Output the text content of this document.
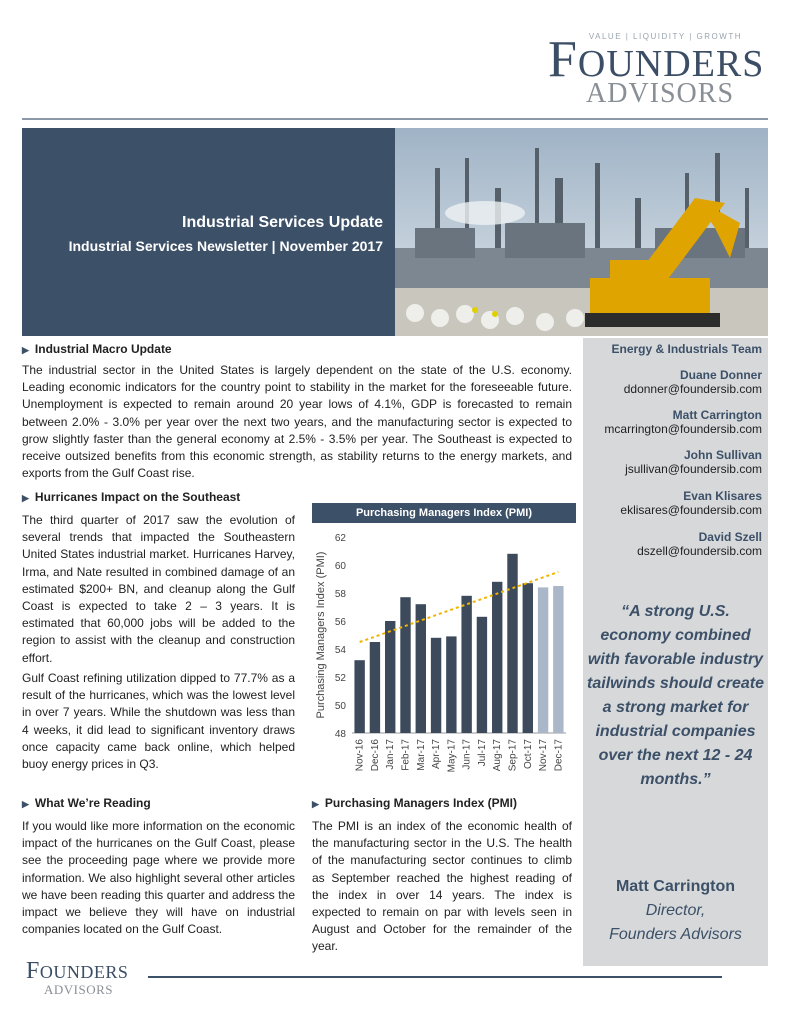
VALUE | LIQUIDITY | GROWTH
FOUNDERS
ADVISORS
Industrial Services Update
Industrial Services Newsletter | November 2017
Energy & Industrials Team
Duane Donner
ddonner@foundersib.com
Matt Carrington
mcarrington@foundersib.com
John Sullivan
jsullivan@foundersib.com
Evan Klisares
eklisares@foundersib.com
David Szell
dszell@foundersib.com
“A strong U.S. economy combined with favorable industry tailwinds should create a strong market for industrial companies over the next 12 - 24 months.”
Matt Carrington
Director,
Founders Advisors
▶ Industrial Macro Update
The industrial sector in the United States is largely dependent on the state of the U.S. economy. Leading economic indicators for the country point to stability in the market for the foreseeable future. Unemployment is expected to remain around 20 year lows of 4.1%, GDP is forecasted to remain between 2.0% - 3.0% per year over the next two years, and the manufacturing sector is expected to grow slightly faster than the general economy at 2.5% - 3.5% per year. The Southeast is expected to receive outsized benefits from this economic strength, as stability returns to the energy markets, and exports from the Gulf Coast rise.
▶ Hurricanes Impact on the Southeast
The third quarter of 2017 saw the evolution of several trends that impacted the Southeastern United States industrial market. Hurricanes Harvey, Irma, and Nate resulted in combined damage of an estimated $200+ BN, and cleanup along the Gulf Coast is expected to take 2 – 3 years. It is estimated that 60,000 jobs will be added to the region to assist with the cleanup and construction effort.
Gulf Coast refining utilization dipped to 77.7% as a result of the hurricanes, which was the lowest level in over 7 years. While the shutdown was less than 4 weeks, it did lead to significant inventory draws once capacity came back online, which helped buoy energy prices in Q3.
▶ What We’re Reading
If you would like more information on the economic impact of the hurricanes on the Gulf Coast, please see the proceeding page where we provide more information. We also highlight several other articles we have been reading this quarter and address the impact we believe they will have on industrial companies located on the Gulf Coast.
▶ Purchasing Managers Index (PMI)
The PMI is an index of the economic health of the manufacturing sector in the U.S. The health of the manufacturing sector continues to climb as September reached the highest reading of the index in over 14 years. The index is expected to remain on par with levels seen in August and October for the remainder of the year.
Purchasing Managers Index (PMI)
Purchasing Managers Index (PMI)
48
50
52
54
56
58
60
62
Nov-16 Dec-16 Jan-17 Feb-17 Mar-17 Apr-17 May-17 Jun-17 Jul-17 Aug-17 Sep-17 Oct-17 Nov-17 Dec-17
FOUNDERS
ADVISORS
